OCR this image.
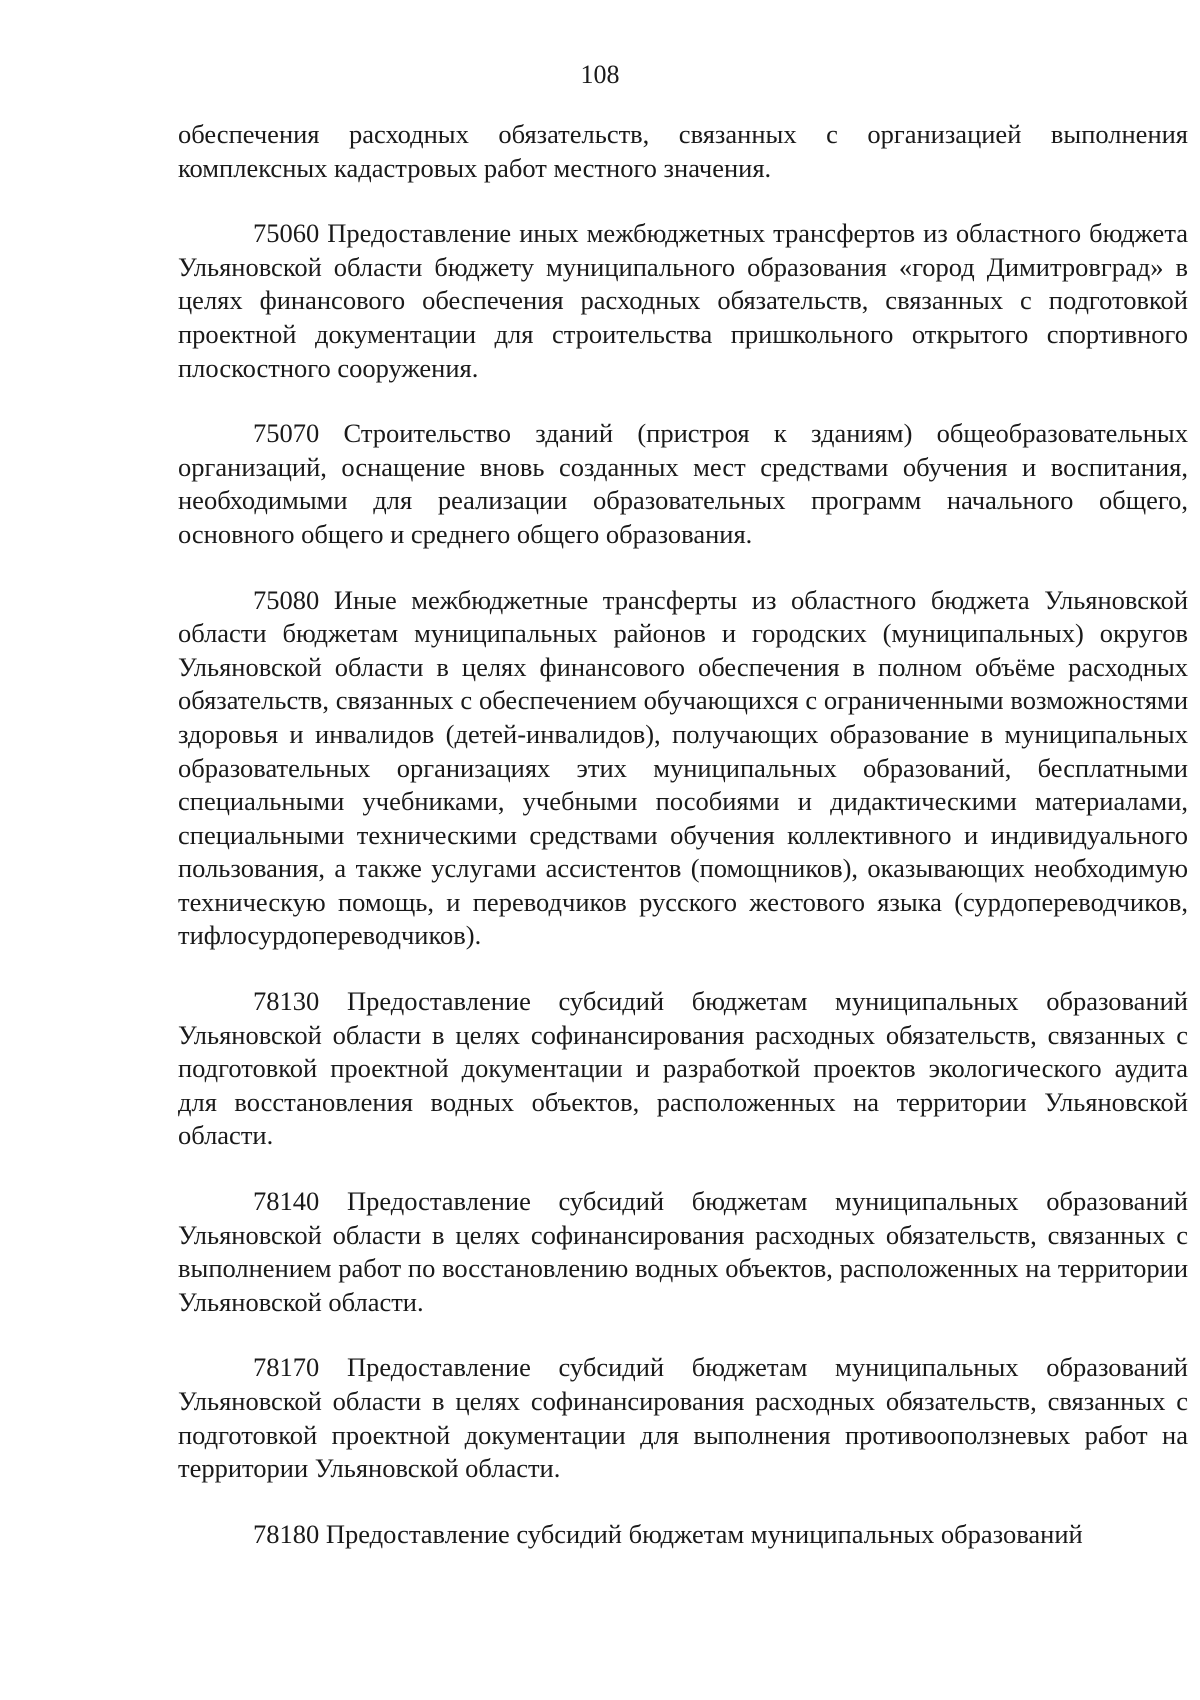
108

обеспечения расходных обязательств, связанных с организацией выполнения комплексных кадастровых работ местного значения.

75060 Предоставление иных межбюджетных трансфертов из областного бюджета Ульяновской области бюджету муниципального образования «город Димитровград» в целях финансового обеспечения расходных обязательств, связанных с подготовкой проектной документации для строительства пришкольного открытого спортивного плоскостного сооружения.

75070 Строительство зданий (пристроя к зданиям) общеобразовательных организаций, оснащение вновь созданных мест средствами обучения и воспитания, необходимыми для реализации образовательных программ начального общего, основного общего и среднего общего образования.

75080 Иные межбюджетные трансферты из областного бюджета Ульяновской области бюджетам муниципальных районов и городских (муниципальных) округов Ульяновской области в целях финансового обеспечения в полном объёме расходных обязательств, связанных с обеспечением обучающихся с ограниченными возможностями здоровья и инвалидов (детей-инвалидов), получающих образование в муниципальных образовательных организациях этих муниципальных образований, бесплатными специальными учебниками, учебными пособиями и дидактическими материалами, специальными техническими средствами обучения коллективного и индивидуального пользования, а также услугами ассистентов (помощников), оказывающих необходимую техническую помощь, и переводчиков русского жестового языка (сурдопереводчиков, тифлосурдопереводчиков).

78130 Предоставление субсидий бюджетам муниципальных образований Ульяновской области в целях софинансирования расходных обязательств, связанных с подготовкой проектной документации и разработкой проектов экологического аудита для восстановления водных объектов, расположенных на территории Ульяновской области.

78140 Предоставление субсидий бюджетам муниципальных образований Ульяновской области в целях софинансирования расходных обязательств, связанных с выполнением работ по восстановлению водных объектов, расположенных на территории Ульяновской области.

78170 Предоставление субсидий бюджетам муниципальных образований Ульяновской области в целях софинансирования расходных обязательств, связанных с подготовкой проектной документации для выполнения противооползневых работ на территории Ульяновской области.

78180 Предоставление субсидий бюджетам муниципальных образований
